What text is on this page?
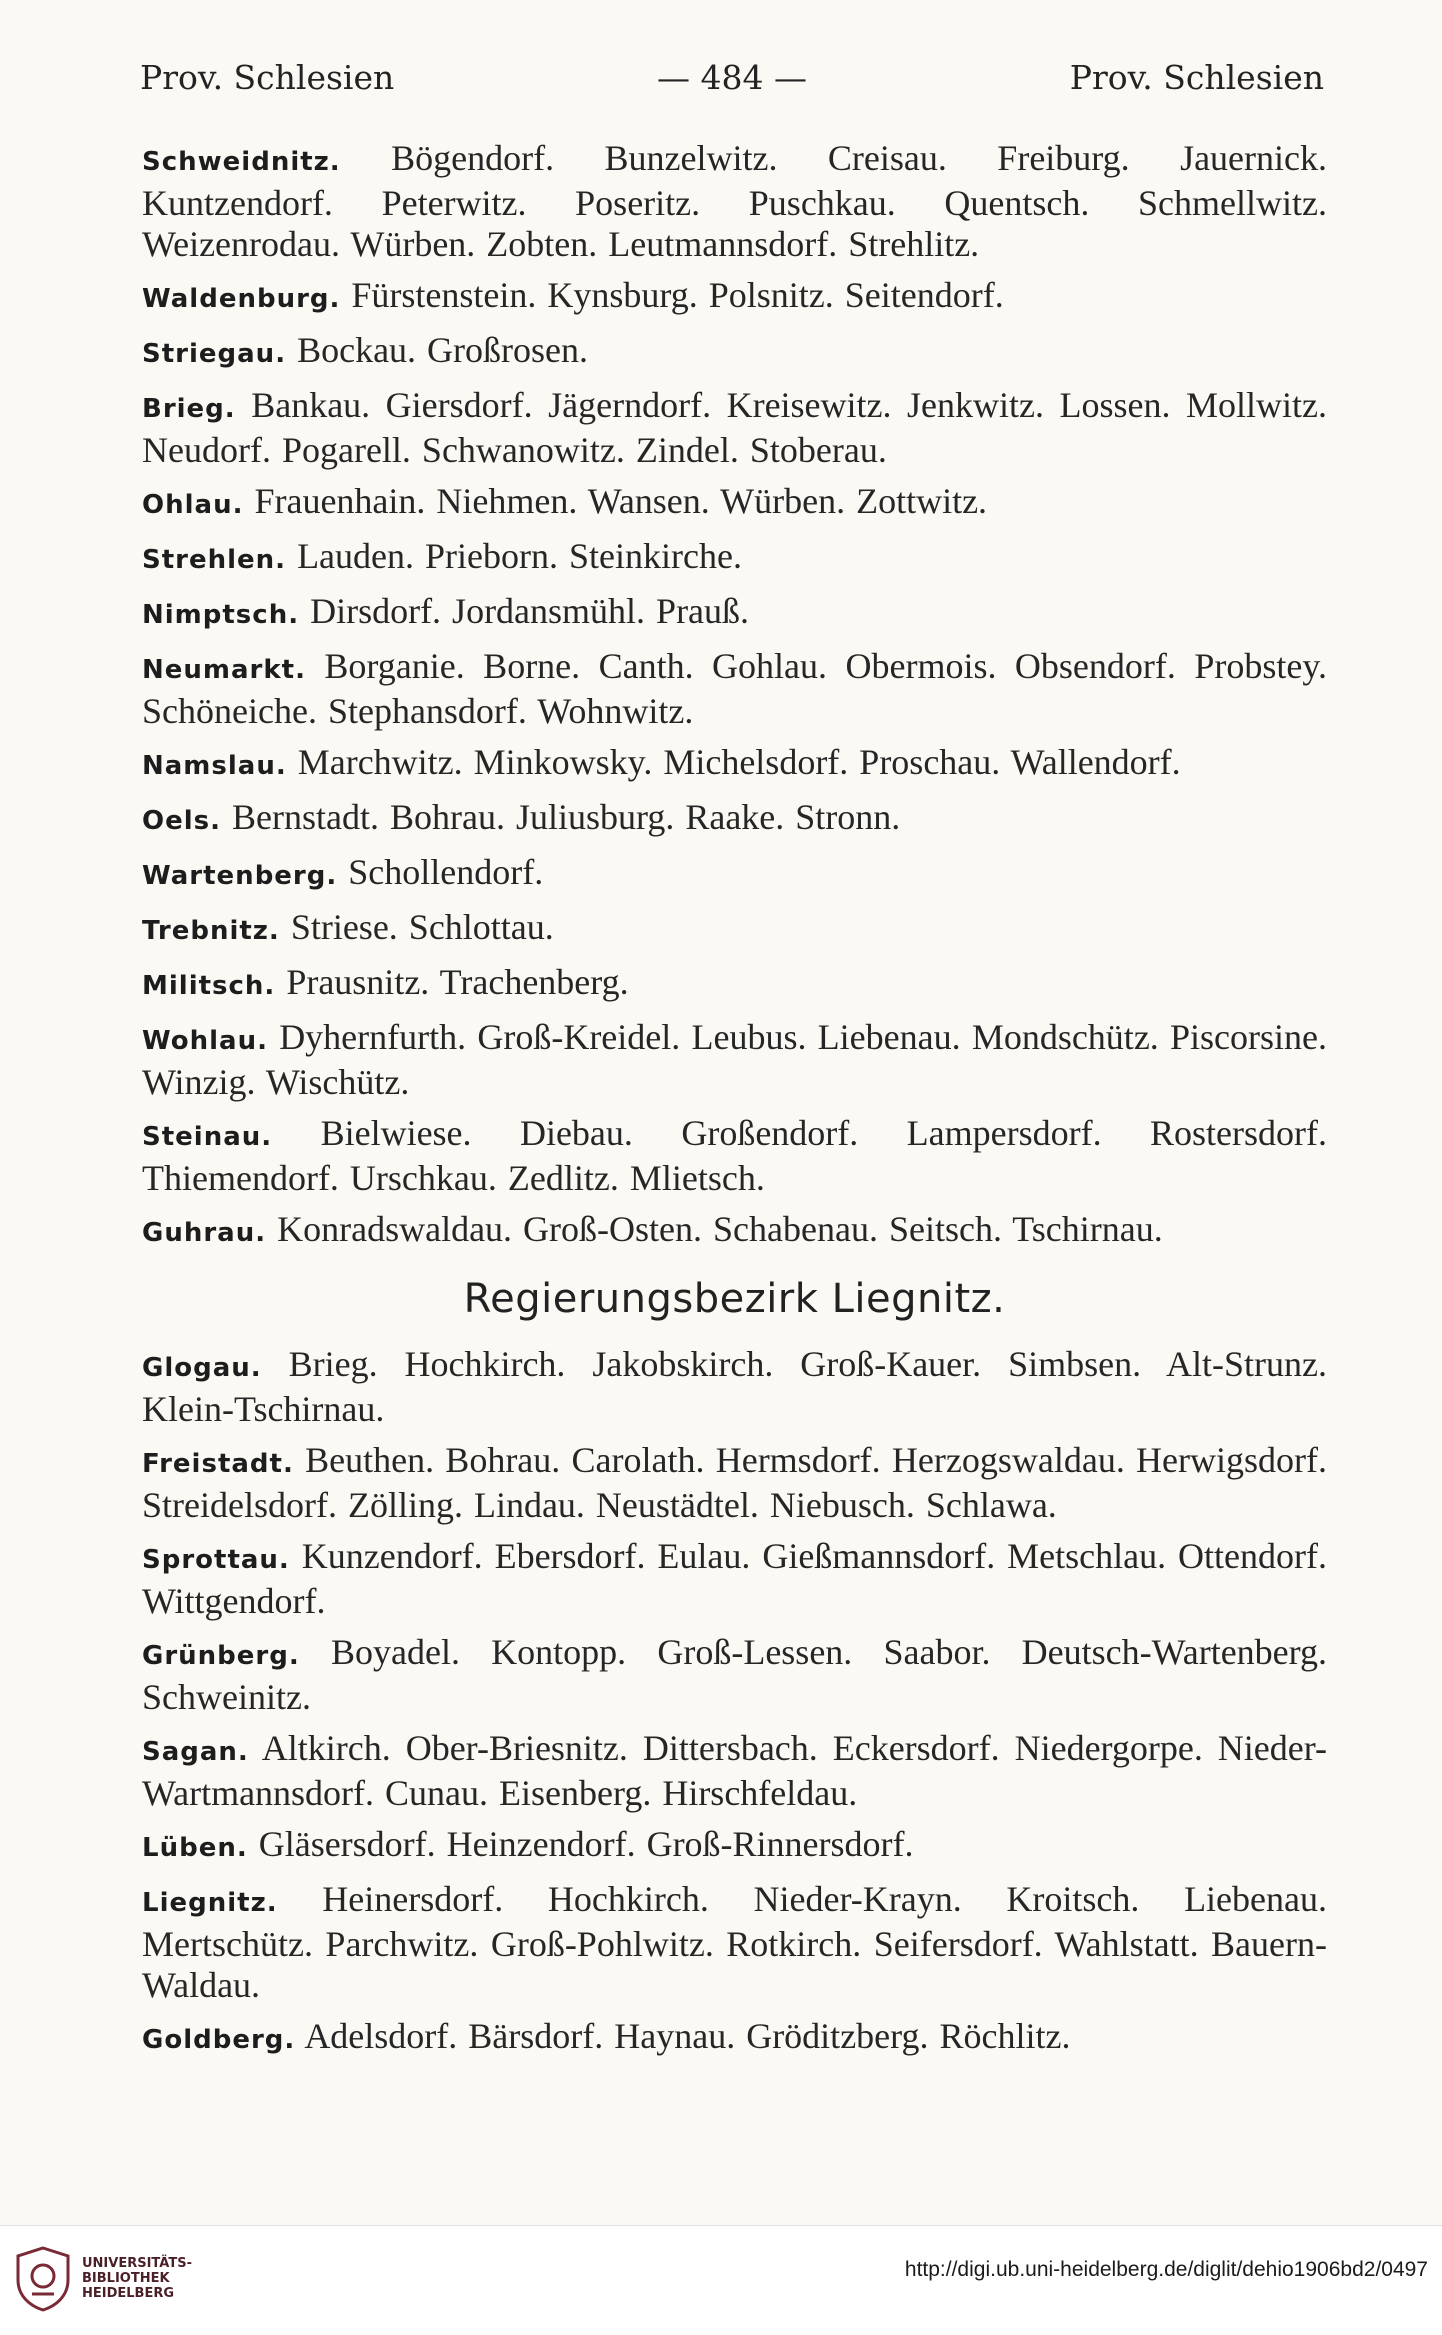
Prov. Schlesien	— 484 —	Prov. Schlesien
Schweidnitz. Bögendorf. Bunzelwitz. Creisau. Freiburg. Jauernick. Kuntzendorf. Peterwitz. Poseritz. Puschkau. Quentsch. Schmellwitz. Weizenrodau. Würben. Zobten. Leutmannsdorf. Strehlitz.
Waldenburg. Fürstenstein. Kynsburg. Polsnitz. Seitendorf.
Striegau. Bockau. Großrosen.
Brieg. Bankau. Giersdorf. Jägerndorf. Kreisewitz. Jenkwitz. Lossen. Mollwitz. Neudorf. Pogarell. Schwanowitz. Zindel. Stoberau.
Ohlau. Frauenhain. Niehmen. Wansen. Würben. Zottwitz.
Strehlen. Lauden. Prieborn. Steinkirche.
Nimptsch. Dirsdorf. Jordansmühl. Prauß.
Neumarkt. Borganie. Borne. Canth. Gohlau. Obermois. Obsendorf. Probstey. Schöneiche. Stephansdorf. Wohnwitz.
Namslau. Marchwitz. Minkowsky. Michelsdorf. Proschau. Wallendorf.
Oels. Bernstadt. Bohrau. Juliusburg. Raake. Stronn.
Wartenberg. Schollendorf.
Trebnitz. Striese. Schlottau.
Militsch. Prausnitz. Trachenberg.
Wohlau. Dyhernfurth. Groß-Kreidel. Leubus. Liebenau. Mondschütz. Piscorsine. Winzig. Wischütz.
Steinau. Bielwiese. Diebau. Großendorf. Lampersdorf. Rostersdorf. Thiemendorf. Urschkau. Zedlitz. Mlietsch.
Guhrau. Konradswaldau. Groß-Osten. Schabenau. Seitsch. Tschirnau.
Regierungsbezirk Liegnitz.
Glogau. Brieg. Hochkirch. Jakobskirch. Groß-Kauer. Simbsen. Alt-Strunz. Klein-Tschirnau.
Freistadt. Beuthen. Bohrau. Carolath. Hermsdorf. Herzogswaldau. Herwigsdorf. Streidelsdorf. Zölling. Lindau. Neustädtel. Niebusch. Schlawa.
Sprottau. Kunzendorf. Ebersdorf. Eulau. Gießmannsdorf. Metschlau. Ottendorf. Wittgendorf.
Grünberg. Boyadel. Kontopp. Groß-Lessen. Saabor. Deutsch-Wartenberg. Schweinitz.
Sagan. Altkirch. Ober-Briesnitz. Dittersbach. Eckersdorf. Niedergorpe. Nieder-Wartmannsdorf. Cunau. Eisenberg. Hirschfeldau.
Lüben. Gläsersdorf. Heinzendorf. Groß-Rinnersdorf.
Liegnitz. Heinersdorf. Hochkirch. Nieder-Krayn. Kroitsch. Liebenau. Mertschütz. Parchwitz. Groß-Pohlwitz. Rotkirch. Seifersdorf. Wahlstatt. Bauern-Waldau.
Goldberg. Adelsdorf. Bärsdorf. Haynau. Gröditzberg. Röchlitz.
UNIVERSITÄTS-
BIBLIOTHEK
HEIDELBERG
http://digi.ub.uni-heidelberg.de/diglit/dehio1906bd2/0497
